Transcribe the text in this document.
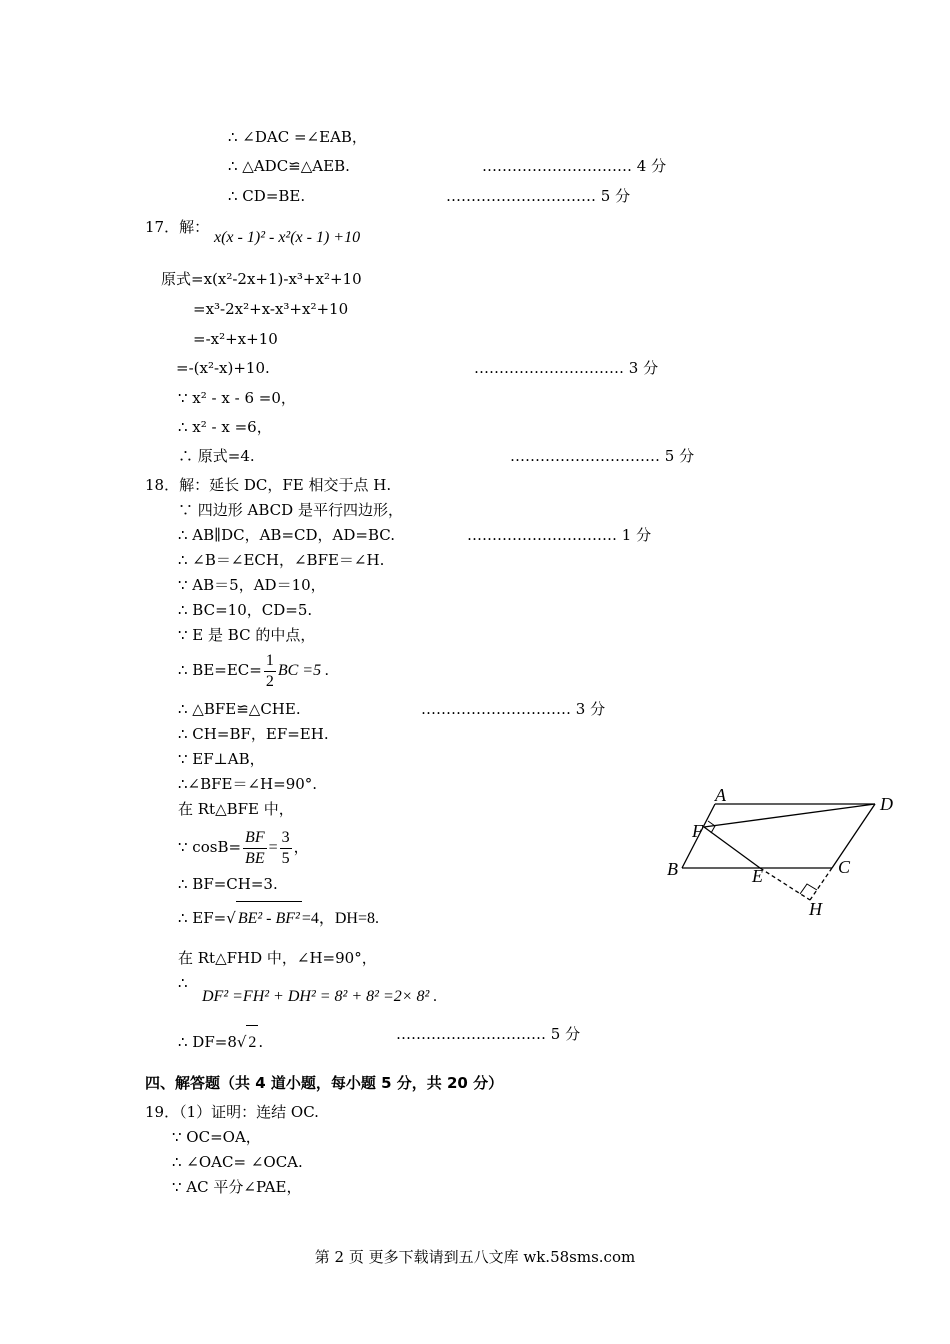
∴ ∠DAC =∠EAB，
∴ △ADC≌△AEB.	………………………… 4 分
∴ CD=BE.	………………………… 5 分
17．解：
x(x - 1)² - x²(x - 1) +10
原式=x(x²-2x+1)-x³+x²+10
=x³-2x²+x-x³+x²+10
=-x²+x+10
=-(x²-x)+10.	………………………… 3 分
∵ x² - x - 6 =0，
∴ x² - x =6，
∴ 原式=4.	………………………… 5 分
18．解：延长 DC，FE 相交于点 H.
∵ 四边形 ABCD 是平行四边形，
∴ AB∥DC，AB=CD，AD=BC.	………………………… 1 分
∴ ∠B＝∠ECH，∠BFE＝∠H.
∵ AB＝5，AD＝10，
∴ BC=10，CD=5.
∵ E 是 BC 的中点，
∴ $BE=EC= \frac{1}{2}$ BC =5 .
∴ △BFE≌△CHE.	………………………… 3 分
∴ CH=BF，EF=EH.
∵ EF⊥AB，
∴∠BFE＝∠H=90°.
在 Rt△BFE 中，
∵ $\cos B= \frac{BF}{BE} = \frac{3}{5}$ ，
∴ BF=CH=3.
∴ EF=√ BE² - BF² =4，DH=8.
在 Rt△FHD 中，∠H=90°，
∴
DF² =FH² + DH² = 8² + 8² =2× 8² .
∴ DF=8√ 2 .	………………………… 5 分
A	D
F
B	E	C
H
四、解答题（共 4 道小题，每小题 5 分，共 20 分）
19．（1）证明：连结 OC.
∵ OC=OA，
∴ ∠OAC= ∠OCA.
∵ AC 平分∠PAE，
第 2 页 更多下载请到五八文库 wk.58sms.com
